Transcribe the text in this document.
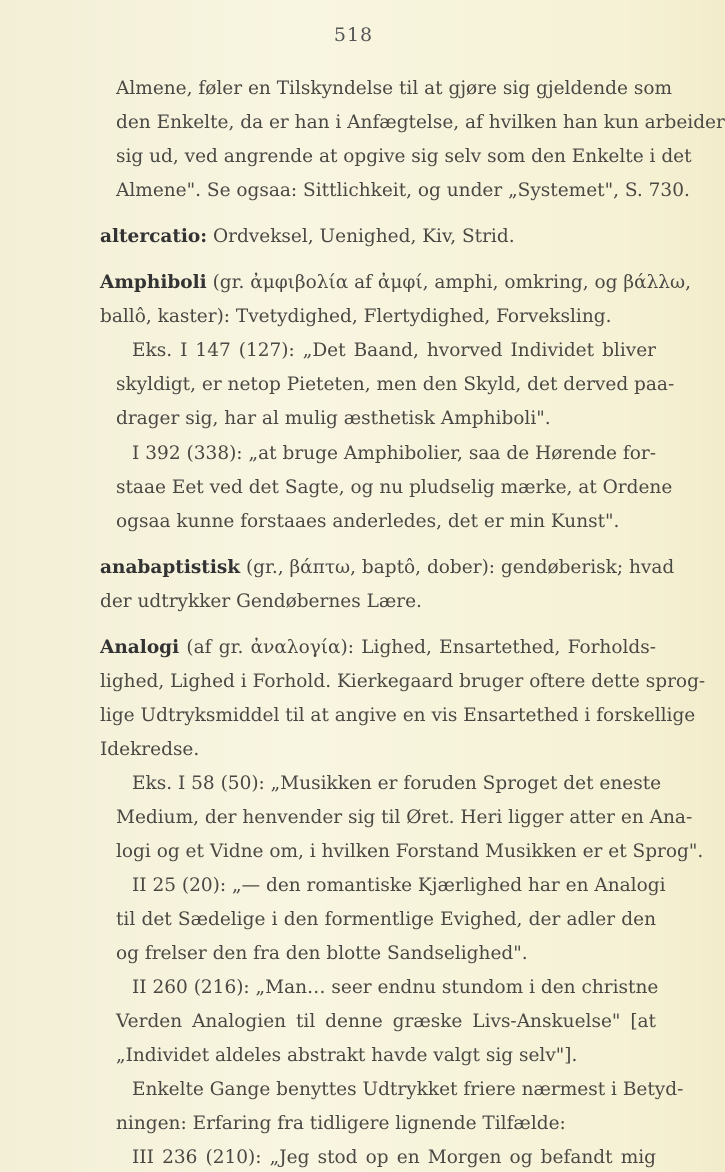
518
Almene, føler en Tilskyndelse til at gjøre sig gjeldende som
den Enkelte, da er han i Anfægtelse, af hvilken han kun arbeider
sig ud, ved angrende at opgive sig selv som den Enkelte i det
Almene". Se ogsaa: Sittlichkeit, og under „Systemet", S. 730.
altercatio: Ordveksel, Uenighed, Kiv, Strid.
Amphiboli (gr. ἀμφιβολία af ἀμφί, amphi, omkring, og βάλλω,
ballô, kaster): Tvetydighed, Flertydighed, Forveksling.
Eks. I 147 (127): „Det Baand, hvorved Individet bliver
skyldigt, er netop Pieteten, men den Skyld, det derved paa-
drager sig, har al mulig æsthetisk Amphiboli".
I 392 (338): „at bruge Amphibolier, saa de Hørende for-
staae Eet ved det Sagte, og nu pludselig mærke, at Ordene
ogsaa kunne forstaaes anderledes, det er min Kunst".
anabaptistisk (gr., βάπτω, baptô, dober): gendøberisk; hvad
der udtrykker Gendøbernes Lære.
Analogi (af gr. ἀναλογία): Lighed, Ensartethed, Forholds-
lighed, Lighed i Forhold. Kierkegaard bruger oftere dette sprog-
lige Udtryksmiddel til at angive en vis Ensartethed i forskellige
Idekredse.
Eks. I 58 (50): „Musikken er foruden Sproget det eneste
Medium, der henvender sig til Øret. Heri ligger atter en Ana-
logi og et Vidne om, i hvilken Forstand Musikken er et Sprog".
II 25 (20): „— den romantiske Kjærlighed har en Analogi
til det Sædelige i den formentlige Evighed, der adler den
og frelser den fra den blotte Sandselighed".
II 260 (216): „Man… seer endnu stundom i den christne
Verden Analogien til denne græske Livs-Anskuelse" [at
„Individet aldeles abstrakt havde valgt sig selv"].
Enkelte Gange benyttes Udtrykket friere nærmest i Betyd-
ningen: Erfaring fra tidligere lignende Tilfælde:
III 236 (210): „Jeg stod op en Morgen og befandt mig
